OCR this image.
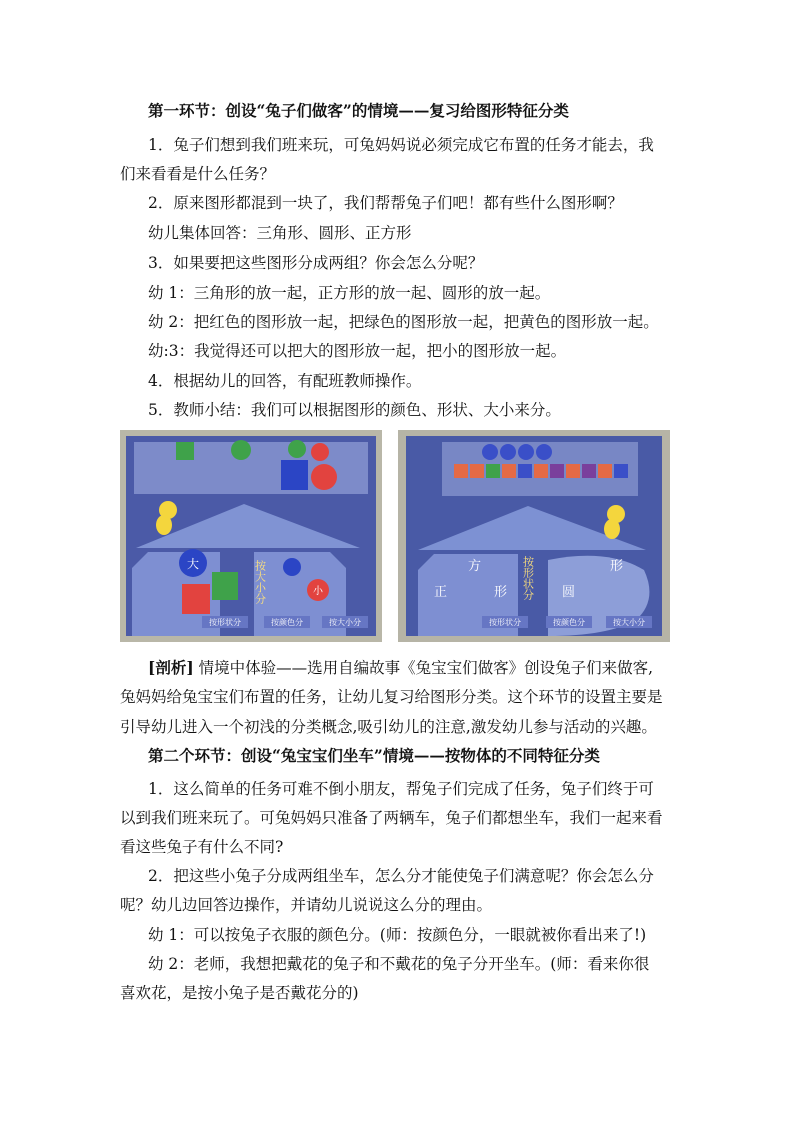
第一环节：创设“兔子们做客”的情境——复习给图形特征分类
1．兔子们想到我们班来玩，可兔妈妈说必须完成它布置的任务才能去，我
们来看看是什么任务？
2．原来图形都混到一块了，我们帮帮兔子们吧！都有些什么图形啊？
幼儿集体回答：三角形、圆形、正方形
3．如果要把这些图形分成两组？你会怎么分呢？
幼 1：三角形的放一起，正方形的放一起、圆形的放一起。
幼 2：把红色的图形放一起，把绿色的图形放一起，把黄色的图形放一起。
幼:3：我觉得还可以把大的图形放一起，把小的图形放一起。
4．根据幼儿的回答，有配班教师操作。
5．教师小结：我们可以根据图形的颜色、形状、大小来分。
大
小
按大小分
按形状分	按颜色分	按大小分
方
正	形
形
圆
按形状分
按形状分	按颜色分	按大小分
[剖析] 情境中体验——选用自编故事《兔宝宝们做客》创设兔子们来做客,
兔妈妈给兔宝宝们布置的任务，让幼儿复习给图形分类。这个环节的设置主要是
引导幼儿进入一个初浅的分类概念,吸引幼儿的注意,激发幼儿参与活动的兴趣。
第二个环节：创设“兔宝宝们坐车”情境——按物体的不同特征分类
1．这么简单的任务可难不倒小朋友，帮兔子们完成了任务，兔子们终于可
以到我们班来玩了。可兔妈妈只准备了两辆车，兔子们都想坐车，我们一起来看
看这些兔子有什么不同?
2．把这些小兔子分成两组坐车，怎么分才能使兔子们满意呢？你会怎么分
呢？幼儿边回答边操作，并请幼儿说说这么分的理由。
幼 1：可以按兔子衣服的颜色分。(师：按颜色分，一眼就被你看出来了!)
幼 2：老师，我想把戴花的兔子和不戴花的兔子分开坐车。(师：看来你很
喜欢花，是按小兔子是否戴花分的)
